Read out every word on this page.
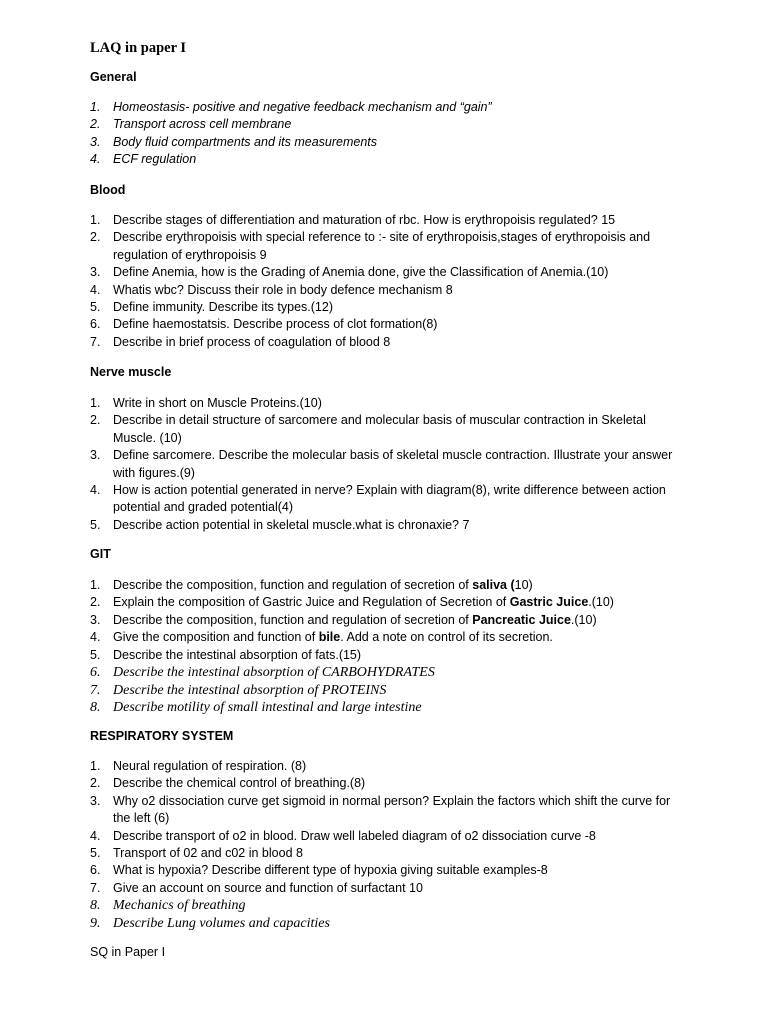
LAQ in paper I
General
1. Homeostasis- positive and negative feedback mechanism and “gain”
2. Transport across cell membrane
3. Body fluid compartments and its measurements
4. ECF regulation
Blood
1. Describe stages of differentiation and maturation of rbc. How is erythropoisis regulated? 15
2. Describe erythropoisis with special reference to :- site of erythropoisis,stages of erythropoisis and regulation of erythropoisis 9
3. Define Anemia, how is the Grading of Anemia done, give the Classification of Anemia.(10)
4. Whatis wbc? Discuss their role in body defence mechanism 8
5. Define immunity. Describe its types.(12)
6. Define haemostatsis. Describe process of clot formation(8)
7. Describe in brief process of coagulation of blood 8
Nerve muscle
1. Write in short on Muscle Proteins.(10)
2. Describe in detail structure of sarcomere and molecular basis of muscular contraction in Skeletal Muscle. (10)
3. Define sarcomere. Describe the molecular basis of skeletal muscle contraction. Illustrate your answer with figures.(9)
4. How is action potential generated in nerve? Explain with diagram(8), write difference between action potential and graded potential(4)
5. Describe action potential in skeletal muscle.what is chronaxie? 7
GIT
1. Describe the composition, function and regulation of secretion of saliva (10)
2. Explain the composition of Gastric Juice and Regulation of Secretion of Gastric Juice.(10)
3. Describe the composition, function and regulation of secretion of Pancreatic Juice.(10)
4. Give the composition and function of bile. Add a note on control of its secretion.
5. Describe the intestinal absorption of fats.(15)
6. Describe the intestinal absorption of CARBOHYDRATES
7. Describe the intestinal absorption of PROTEINS
8. Describe motility of small intestinal and large intestine
RESPIRATORY SYSTEM
1. Neural regulation of respiration. (8)
2. Describe the chemical control of breathing.(8)
3. Why o2 dissociation curve get sigmoid in normal person? Explain the factors which shift the curve for the left (6)
4. Describe transport of o2 in blood. Draw well labeled diagram of o2 dissociation curve -8
5. Transport of 02 and c02 in blood 8
6. What is hypoxia? Describe different type of hypoxia giving suitable examples-8
7. Give an account on source and function of surfactant 10
8. Mechanics of breathing
9. Describe Lung volumes and capacities
SQ in Paper I
